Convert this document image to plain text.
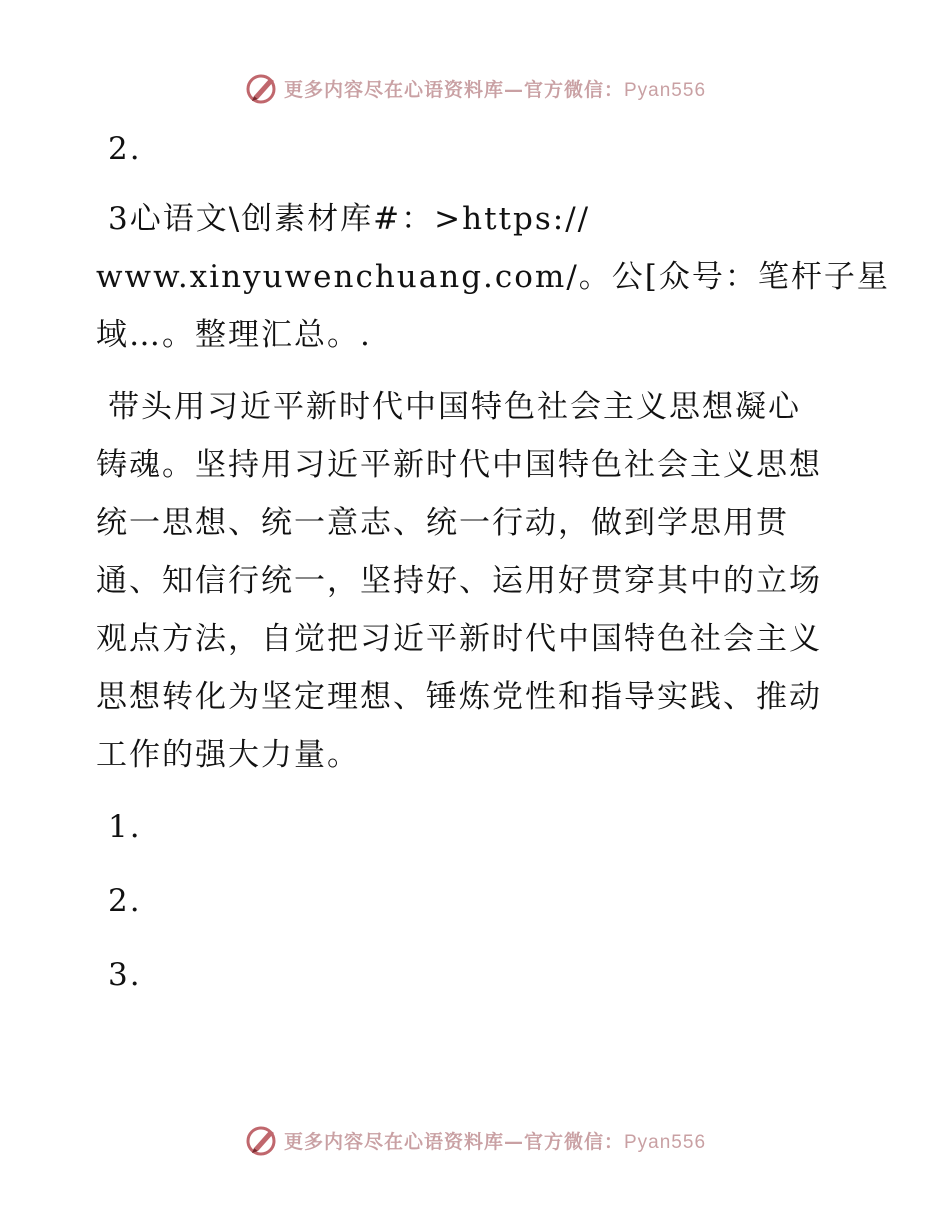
更多内容尽在心语资料库—官方微信：Pyan556
2.
3心语文\创素材库#：>https://
www.xinyuwenchuang.com/。公[众号：笔杆子星
域…。整理汇总。.
带头用习近平新时代中国特色社会主义思想凝心
铸魂。坚持用习近平新时代中国特色社会主义思想
统一思想、统一意志、统一行动，做到学思用贯
通、知信行统一，坚持好、运用好贯穿其中的立场
观点方法，自觉把习近平新时代中国特色社会主义
思想转化为坚定理想、锤炼党性和指导实践、推动
工作的强大力量。
1.
2.
3.
更多内容尽在心语资料库—官方微信：Pyan556
